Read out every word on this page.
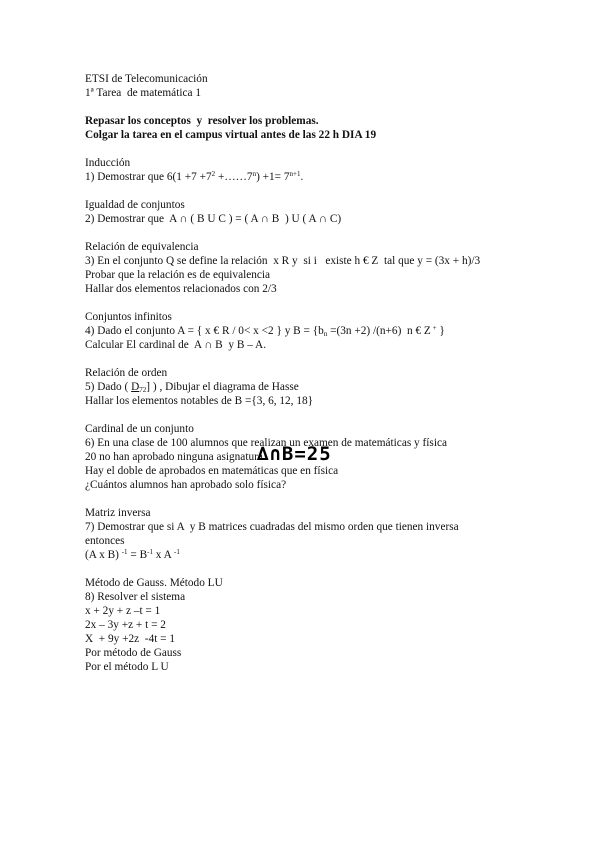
ETSI de Telecomunicación
1ª Tarea  de matemática 1
Repasar los conceptos  y  resolver los problemas.
Colgar la tarea en el campus virtual antes de las 22 h DIA 19
Inducción
1) Demostrar que $6(1 +7 +7^2$ $+\dots\dots 7^n) +1= 7^{n+1}$.
Igualdad de conjuntos
2) Demostrar que  A ∩ ( B U C ) = ( A ∩ B  ) U ( A ∩ C)
Relación de equivalencia
3) En el conjunto Q se define la relación  x R y  si i   existe h € Z  tal que y = (3x + h)/3
Probar que la relación es de equivalencia
Hallar dos elementos relacionados con 2/3
Conjuntos infinitos
4) Dado el conjunto A = { x € R / 0< x <2 } y $B = \{b_n =(3n +2)$ /(n+6)  n € Z + }
Calcular El cardinal de  A ∩ B  y B – A.
Relación de orden
5) Dado ( $D_{72}$] ) , Dibujar el diagrama de Hasse
Hallar los elementos notables de B ={3, 6, 12, 18}
Cardinal de un conjunto
6) En una clase de 100 alumnos que realizan un examen de matemáticas y física
20 no han aprobado ninguna asignatura
Hay el doble de aprobados en matemáticas que en física
¿Cuántos alumnos han aprobado solo física?
Matriz inversa
7) Demostrar que si A  y B matrices cuadradas del mismo orden que tienen inversa
entonces
(A x B) $^{-1} = B^{-1}$ x A $^{-1}$
Método de Gauss. Método LU
8) Resolver el sistema
x + 2y + z –t = 1
2x – 3y +z + t = 2
X  + 9y +2z  -4t = 1
Por método de Gauss
Por el método L U
∆∩B=25
